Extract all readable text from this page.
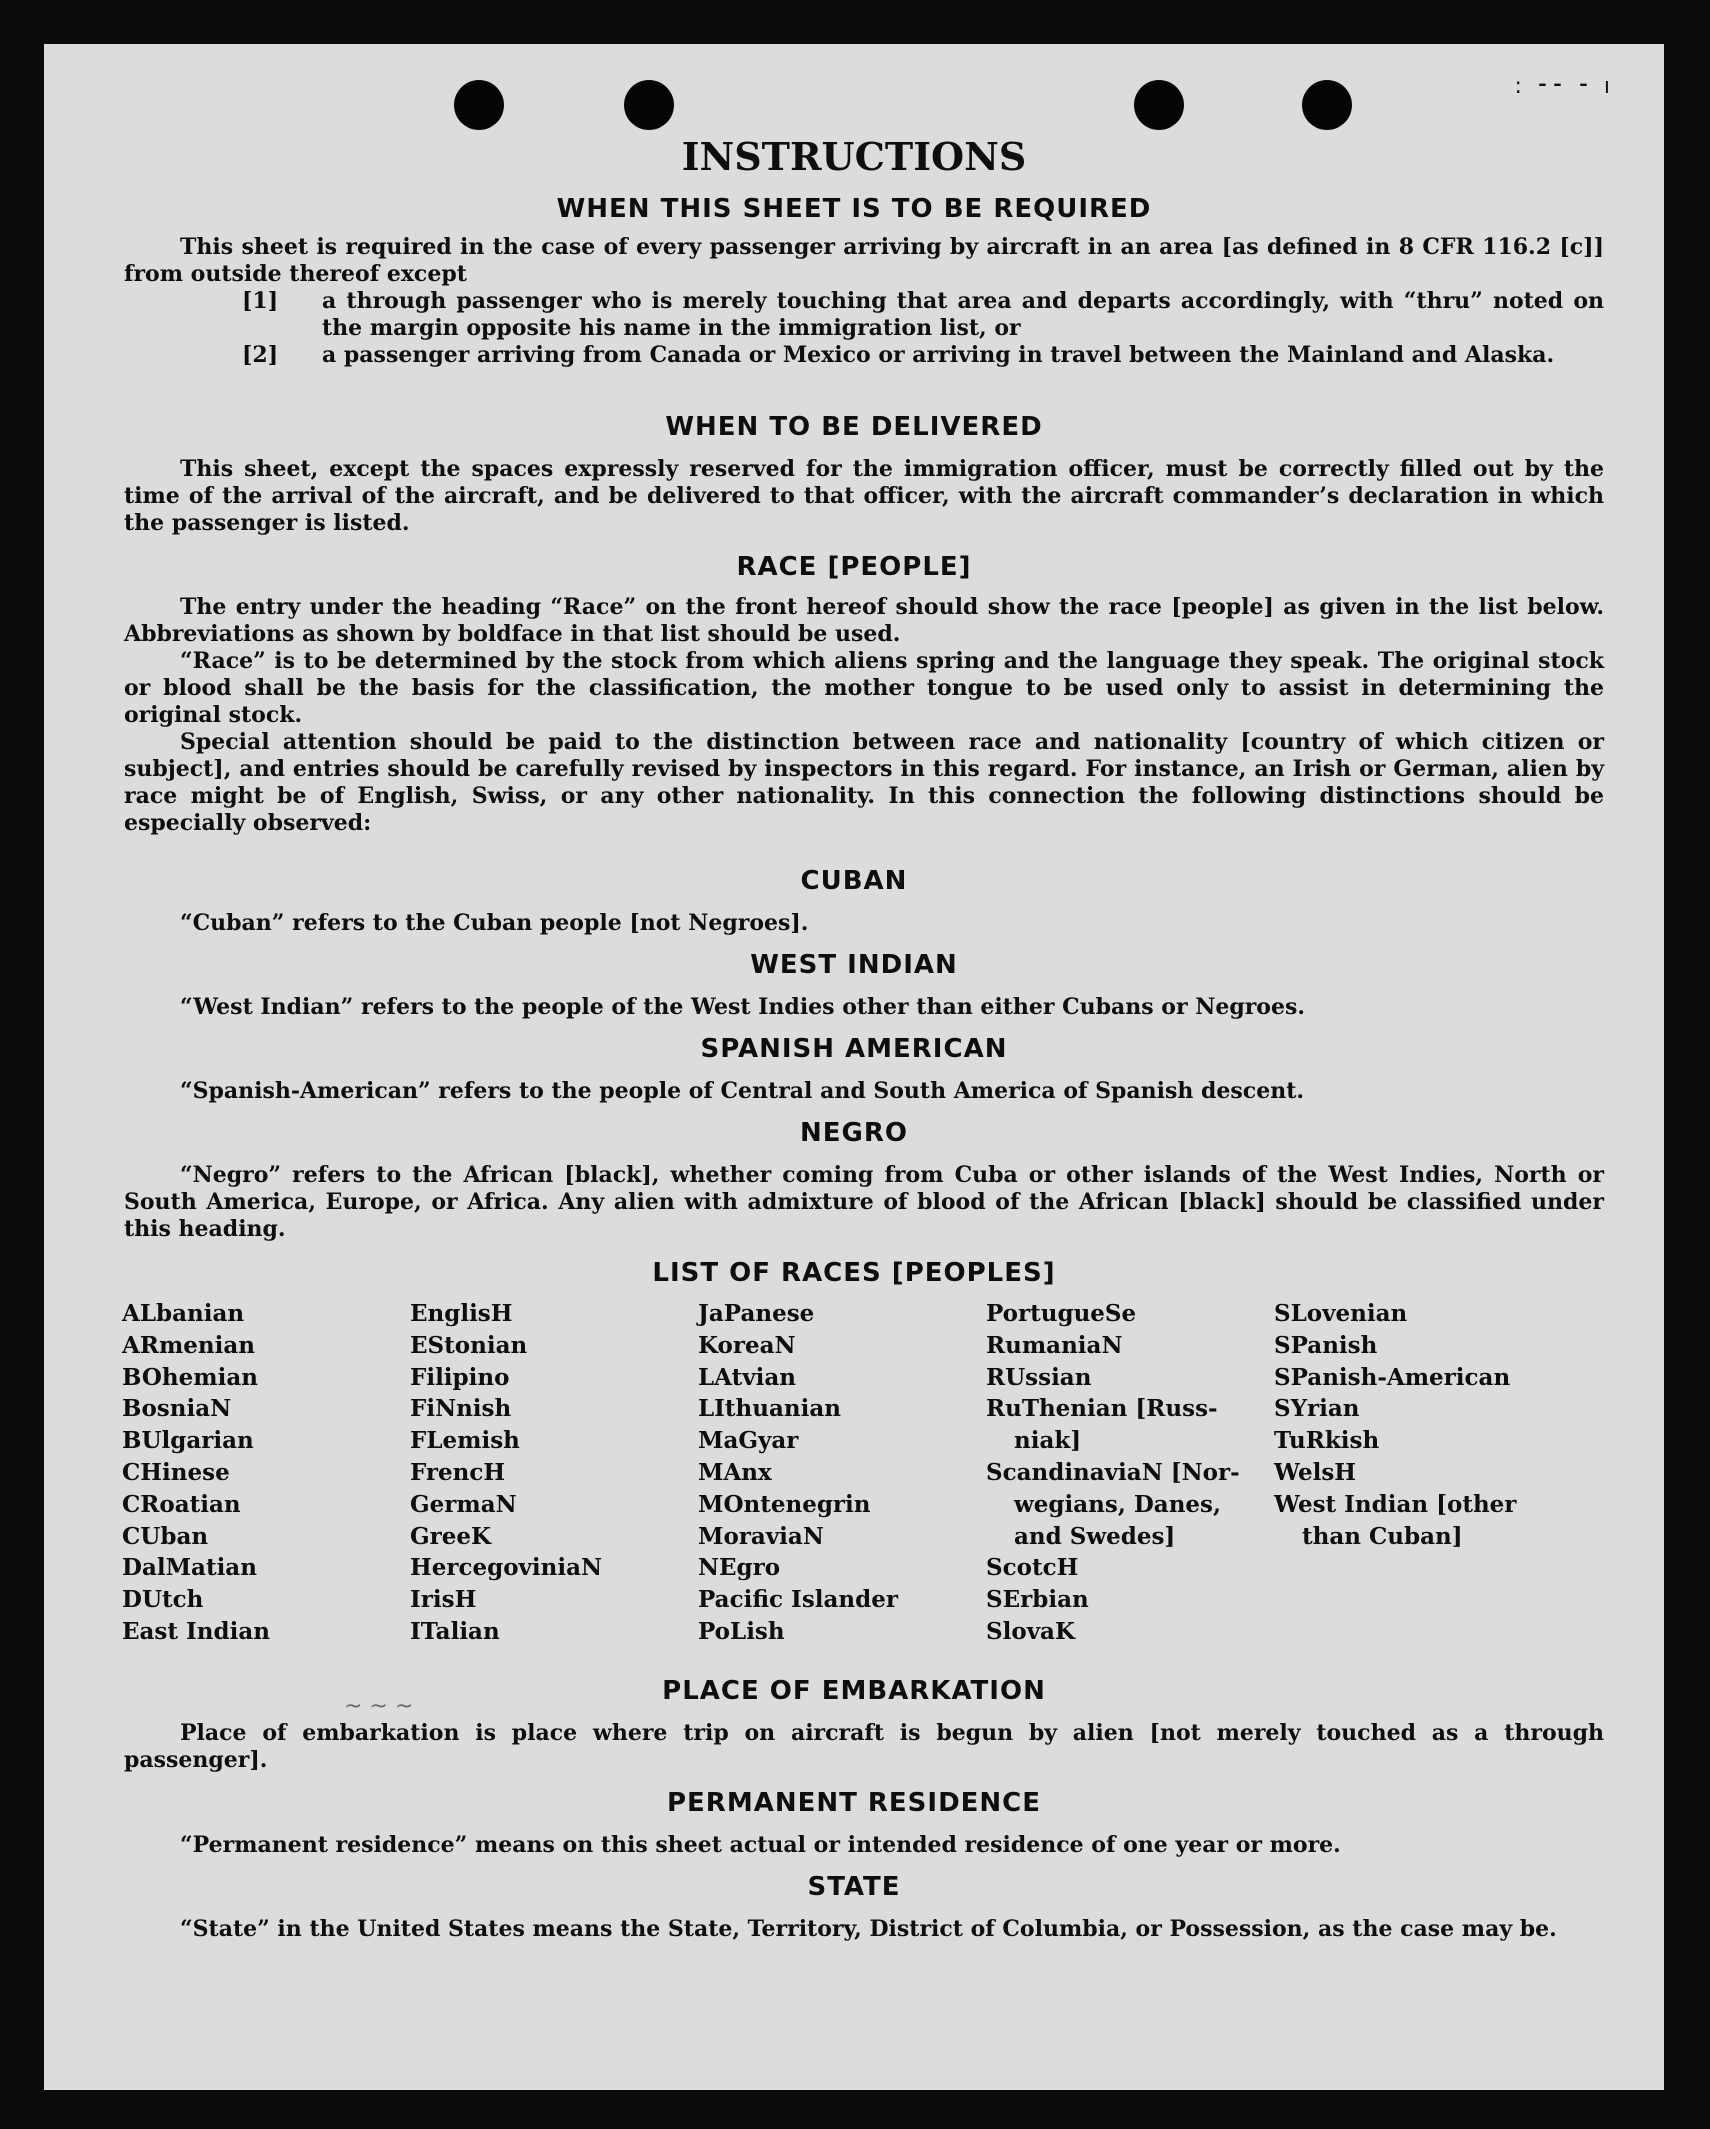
: ⁃⁃ ⁃ ı
INSTRUCTIONS
WHEN THIS SHEET IS TO BE REQUIRED
This sheet is required in the case of every passenger arriving by aircraft in an area [as defined in 8 CFR 116.2 [c]] from outside thereof except
[1]	a through passenger who is merely touching that area and departs accordingly, with “thru” noted on the margin opposite his name in the immigration list, or
[2]	a passenger arriving from Canada or Mexico or arriving in travel between the Mainland and Alaska.
WHEN TO BE DELIVERED
This sheet, except the spaces expressly reserved for the immigration officer, must be correctly filled out by the time of the arrival of the aircraft, and be delivered to that officer, with the aircraft commander’s declaration in which the passenger is listed.
RACE [PEOPLE]
The entry under the heading “Race” on the front hereof should show the race [people] as given in the list below. Abbreviations as shown by boldface in that list should be used.
“Race” is to be determined by the stock from which aliens spring and the language they speak. The original stock or blood shall be the basis for the classification, the mother tongue to be used only to assist in determining the original stock.
Special attention should be paid to the distinction between race and nationality [country of which citizen or subject], and entries should be carefully revised by inspectors in this regard. For instance, an Irish or German, alien by race might be of English, Swiss, or any other nationality. In this connection the following distinctions should be especially observed:
CUBAN
“Cuban” refers to the Cuban people [not Negroes].
WEST INDIAN
“West Indian” refers to the people of the West Indies other than either Cubans or Negroes.
SPANISH AMERICAN
“Spanish-American” refers to the people of Central and South America of Spanish descent.
NEGRO
“Negro” refers to the African [black], whether coming from Cuba or other islands of the West Indies, North or South America, Europe, or Africa. Any alien with admixture of blood of the African [black] should be classified under this heading.
LIST OF RACES [PEOPLES]
ALbanian
ARmenian
BOhemian
BosniaN
BUlgarian
CHinese
CRoatian
CUban
DalMatian
DUtch
East Indian
EnglisH
EStonian
Filipino
FiNnish
FLemish
FrencH
GermaN
GreeK
HercegoviniaN
IrisH
ITalian
JaPanese
KoreaN
LAtvian
LIthuanian
MaGyar
MAnx
MOntenegrin
MoraviaN
NEgro
Pacific Islander
PoLish
PortugueSe
RumaniaN
RUssian
RuThenian [Russ-
niak]
ScandinaviaN [Nor-
wegians, Danes,
and Swedes]
ScotcH
SErbian
SlovaK
SLovenian
SPanish
SPanish-American
SYrian
TuRkish
WelsH
West Indian [other
than Cuban]
~ ~ ~
PLACE OF EMBARKATION
Place of embarkation is place where trip on aircraft is begun by alien [not merely touched as a through passenger].
PERMANENT RESIDENCE
“Permanent residence” means on this sheet actual or intended residence of one year or more.
STATE
“State” in the United States means the State, Territory, District of Columbia, or Possession, as the case may be.
